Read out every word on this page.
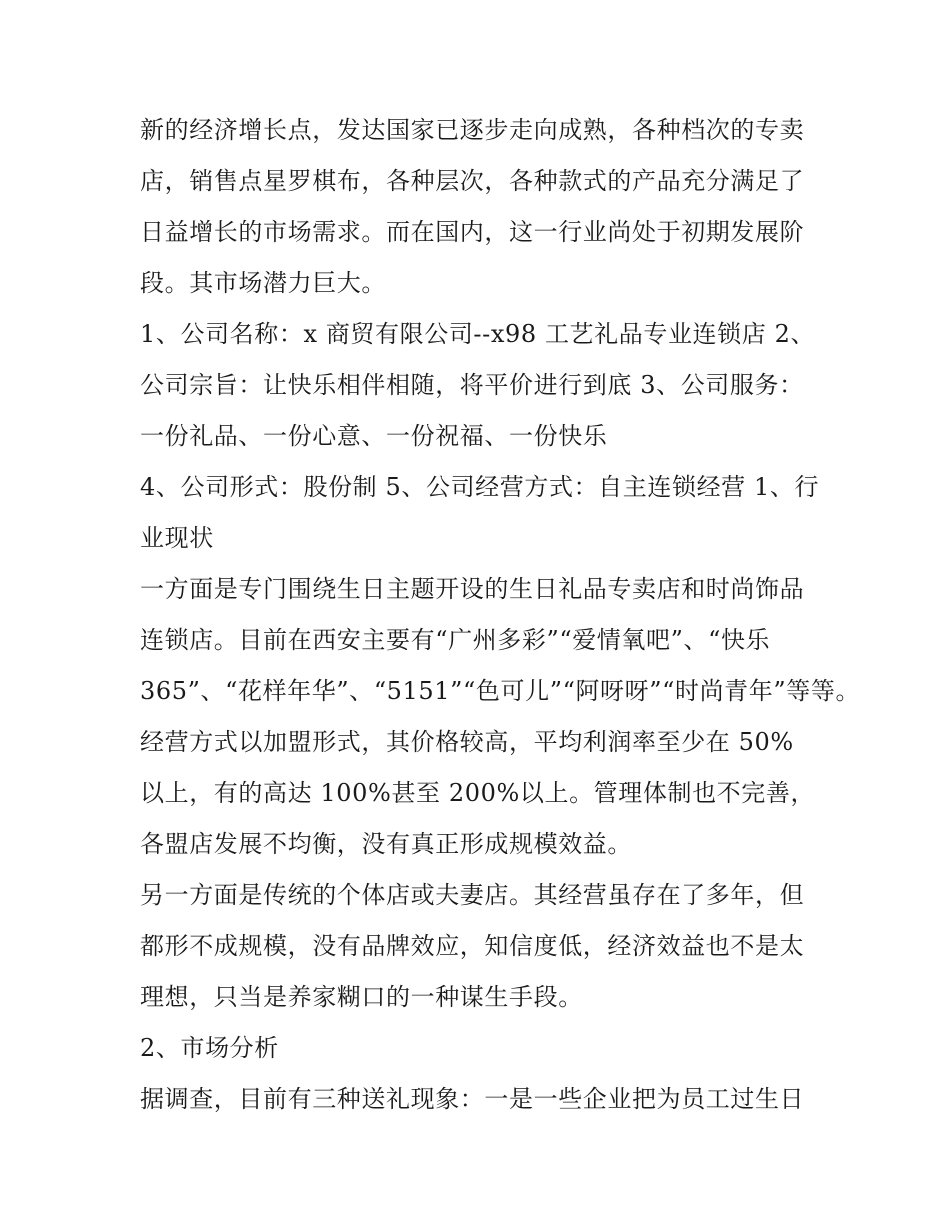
新的经济增长点，发达国家已逐步走向成熟，各种档次的专卖
店，销售点星罗棋布，各种层次，各种款式的产品充分满足了
日益增长的市场需求。而在国内，这一行业尚处于初期发展阶
段。其市场潜力巨大。
1、公司名称：x 商贸有限公司--x98 工艺礼品专业连锁店 2、
公司宗旨：让快乐相伴相随，将平价进行到底 3、公司服务：
一份礼品、一份心意、一份祝福、一份快乐
4、公司形式：股份制 5、公司经营方式：自主连锁经营 1、行
业现状
一方面是专门围绕生日主题开设的生日礼品专卖店和时尚饰品
连锁店。目前在西安主要有“广州多彩”“爱情氧吧”、“快乐
365”、“花样年华”、“5151”“色可儿”“阿呀呀”“时尚青年”等等。
经营方式以加盟形式，其价格较高，平均利润率至少在 50%
以上，有的高达 100%甚至 200%以上。管理体制也不完善，
各盟店发展不均衡，没有真正形成规模效益。
另一方面是传统的个体店或夫妻店。其经营虽存在了多年，但
都形不成规模，没有品牌效应，知信度低，经济效益也不是太
理想，只当是养家糊口的一种谋生手段。
2、市场分析
据调查，目前有三种送礼现象：一是一些企业把为员工过生日
